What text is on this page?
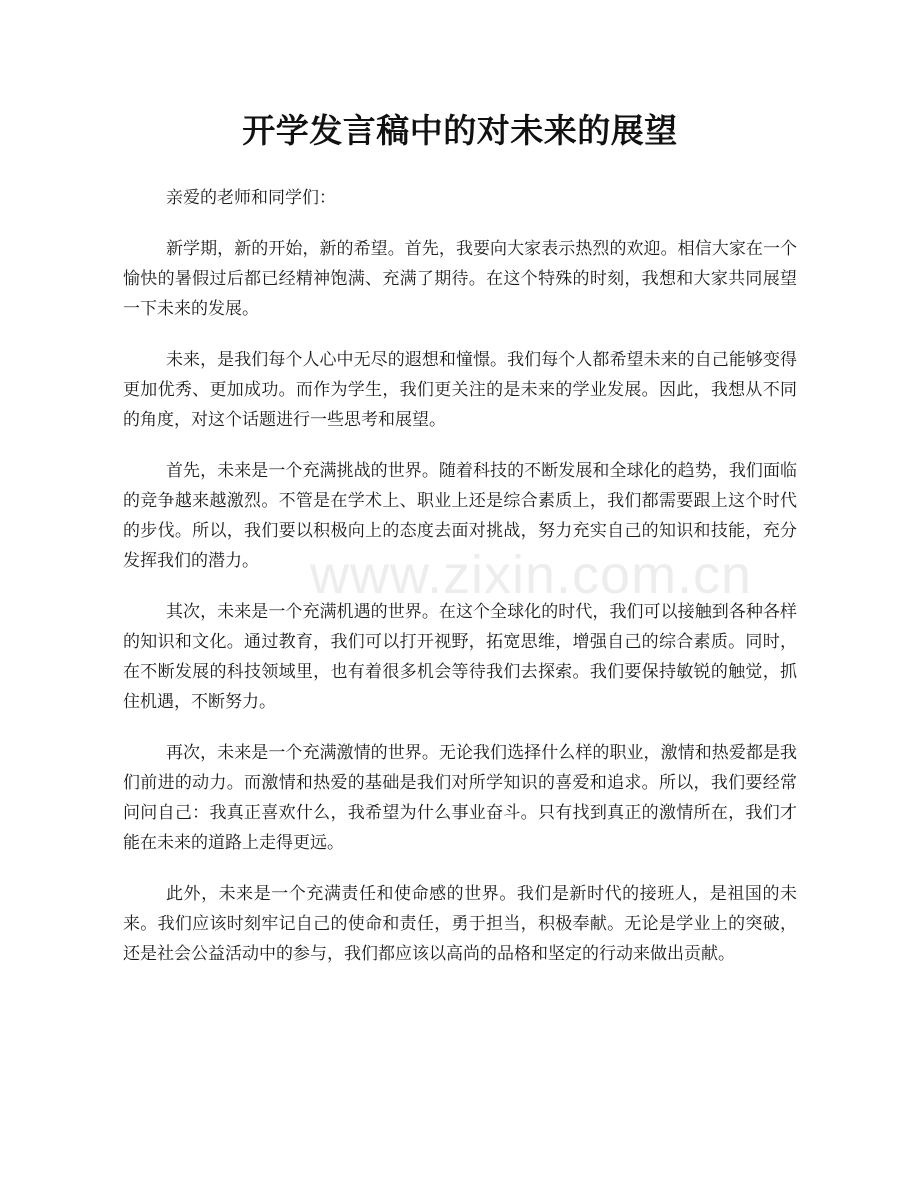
开学发言稿中的对未来的展望

亲爱的老师和同学们：

新学期，新的开始，新的希望。首先，我要向大家表示热烈的欢迎。相信大家在一个愉快的暑假过后都已经精神饱满、充满了期待。在这个特殊的时刻，我想和大家共同展望一下未来的发展。

未来，是我们每个人心中无尽的遐想和憧憬。我们每个人都希望未来的自己能够变得更加优秀、更加成功。而作为学生，我们更关注的是未来的学业发展。因此，我想从不同的角度，对这个话题进行一些思考和展望。

首先，未来是一个充满挑战的世界。随着科技的不断发展和全球化的趋势，我们面临的竞争越来越激烈。不管是在学术上、职业上还是综合素质上，我们都需要跟上这个时代的步伐。所以，我们要以积极向上的态度去面对挑战，努力充实自己的知识和技能，充分发挥我们的潜力。

其次，未来是一个充满机遇的世界。在这个全球化的时代，我们可以接触到各种各样的知识和文化。通过教育，我们可以打开视野，拓宽思维，增强自己的综合素质。同时，在不断发展的科技领域里，也有着很多机会等待我们去探索。我们要保持敏锐的触觉，抓住机遇，不断努力。

再次，未来是一个充满激情的世界。无论我们选择什么样的职业，激情和热爱都是我们前进的动力。而激情和热爱的基础是我们对所学知识的喜爱和追求。所以，我们要经常问问自己：我真正喜欢什么，我希望为什么事业奋斗。只有找到真正的激情所在，我们才能在未来的道路上走得更远。

此外，未来是一个充满责任和使命感的世界。我们是新时代的接班人，是祖国的未来。我们应该时刻牢记自己的使命和责任，勇于担当，积极奉献。无论是学业上的突破，还是社会公益活动中的参与，我们都应该以高尚的品格和坚定的行动来做出贡献。

www.zixin.com.cn
